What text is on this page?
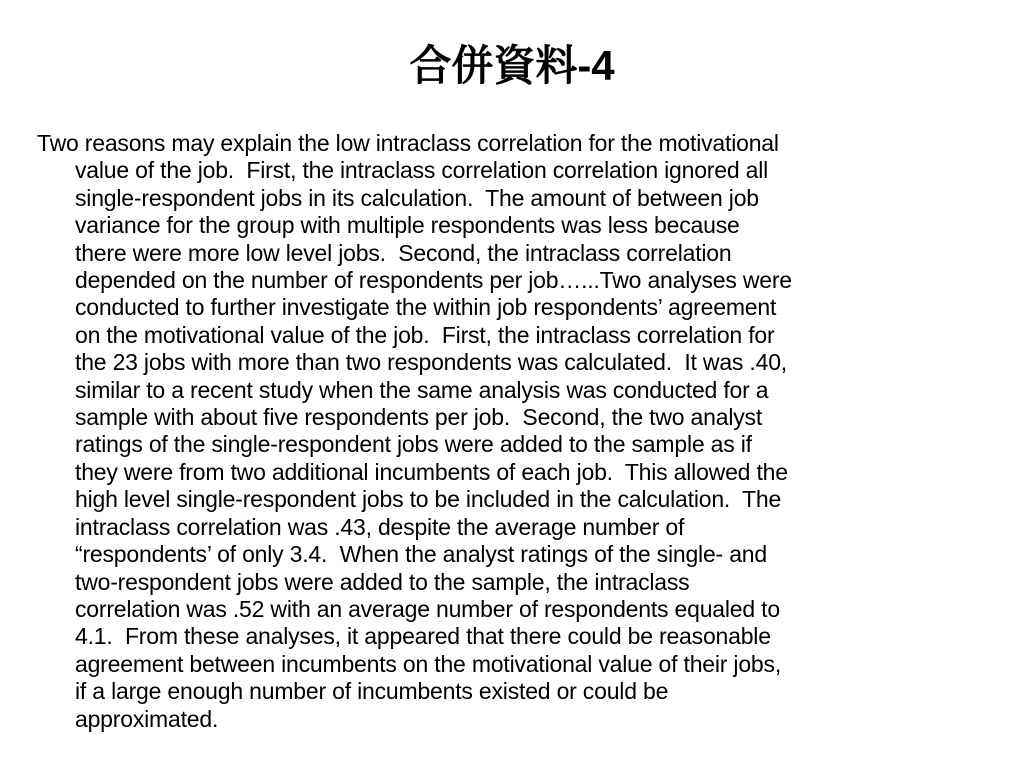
合併資料-4
Two reasons may explain the low intraclass correlation for the motivational
value of the job.  First, the intraclass correlation correlation ignored all
single-respondent jobs in its calculation.  The amount of between job
variance for the group with multiple respondents was less because
there were more low level jobs.  Second, the intraclass correlation
depended on the number of respondents per job…...Two analyses were
conducted to further investigate the within job respondents’ agreement
on the motivational value of the job.  First, the intraclass correlation for
the 23 jobs with more than two respondents was calculated.  It was .40,
similar to a recent study when the same analysis was conducted for a
sample with about five respondents per job.  Second, the two analyst
ratings of the single-respondent jobs were added to the sample as if
they were from two additional incumbents of each job.  This allowed the
high level single-respondent jobs to be included in the calculation.  The
intraclass correlation was .43, despite the average number of
“respondents’ of only 3.4.  When the analyst ratings of the single- and
two-respondent jobs were added to the sample, the intraclass
correlation was .52 with an average number of respondents equaled to
4.1.  From these analyses, it appeared that there could be reasonable
agreement between incumbents on the motivational value of their jobs,
if a large enough number of incumbents existed or could be
approximated.
